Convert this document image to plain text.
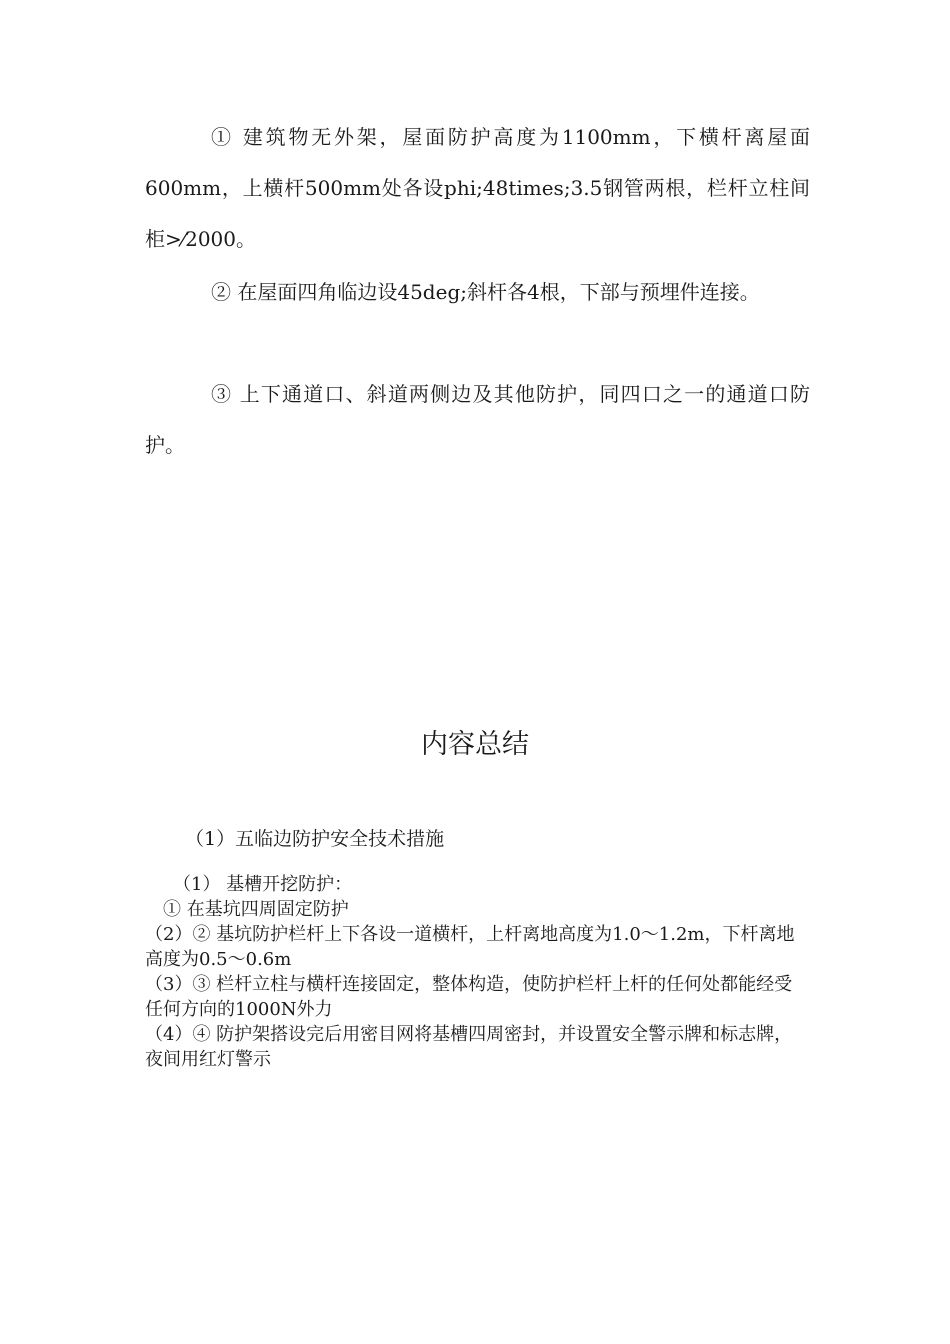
① 建筑物无外架，屋面防护高度为1100mm，下横杆离屋面600mm，上横杆500mm处各设phi;48times;3.5钢管两根，栏杆立柱间柜>⁄2000。

② 在屋面四角临边设45deg;斜杆各4根，下部与预埋件连接。

③ 上下通道口、斜道两侧边及其他防护，同四口之一的通道口防护。

内容总结

（1）五临边防护安全技术措施

（1） 基槽开挖防护：
① 在基坑四周固定防护
（2）② 基坑防护栏杆上下各设一道横杆，上杆离地高度为1.0～1.2m，下杆离地高度为0.5～0.6m
（3）③ 栏杆立柱与横杆连接固定，整体构造，使防护栏杆上杆的任何处都能经受任何方向的1000N外力
（4）④ 防护架搭设完后用密目网将基槽四周密封，并设置安全警示牌和标志牌，夜间用红灯警示
